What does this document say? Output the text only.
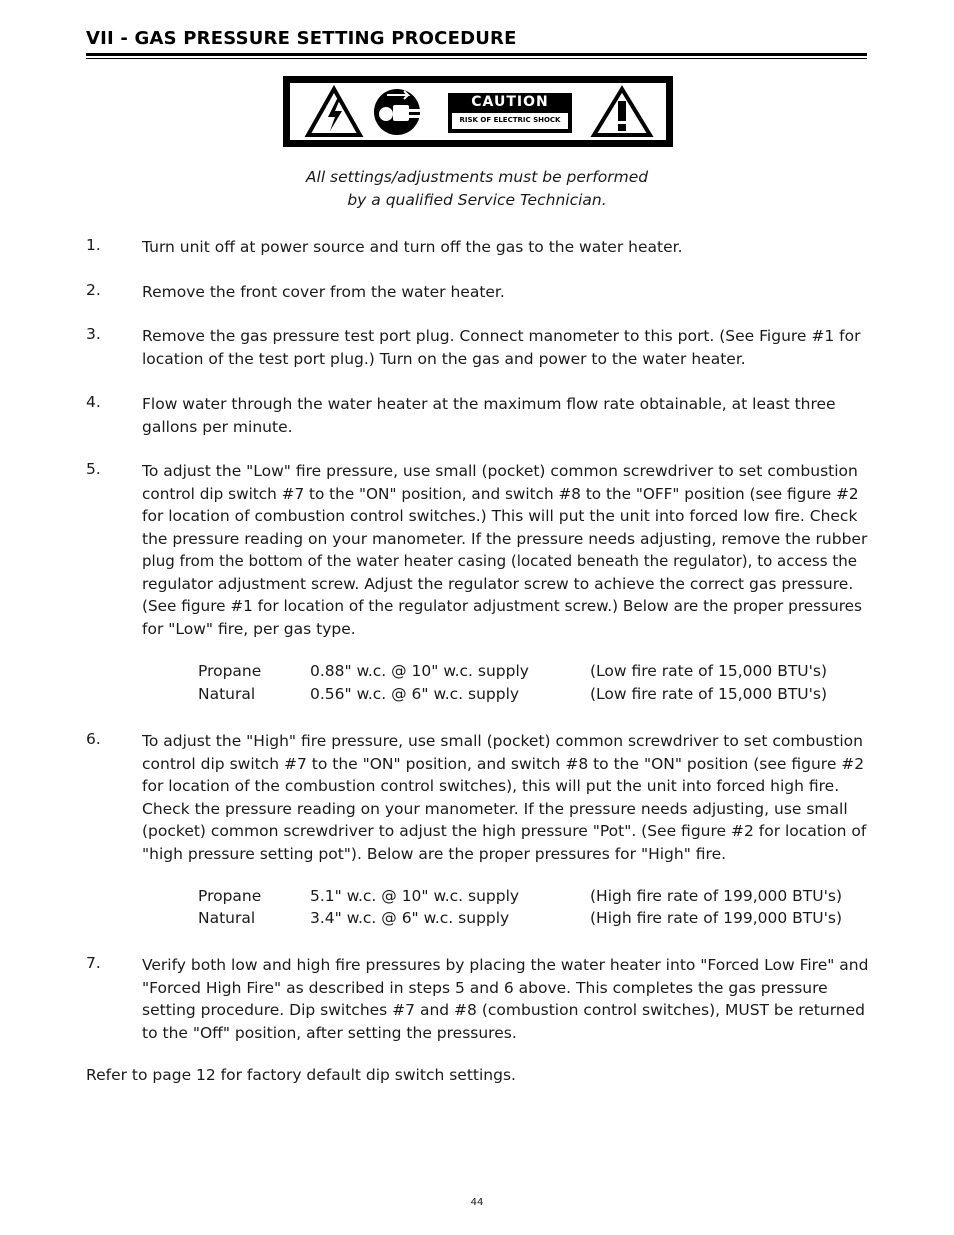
VII - GAS PRESSURE SETTING PROCEDURE
CAUTION
RISK OF ELECTRIC SHOCK
All settings/adjustments must be performed
by a qualified Service Technician.
1.	Turn unit off at power source and turn off the gas to the water heater.
2.	Remove the front cover from the water heater.
3.	Remove the gas pressure test port plug. Connect manometer to this port. (See Figure #1 for
location of the test port plug.) Turn on the gas and power to the water heater.
4.	Flow water through the water heater at the maximum flow rate obtainable, at least three
gallons per minute.
5.	To adjust the "Low" fire pressure, use small (pocket) common screwdriver to set combustion
control dip switch #7 to the "ON" position, and switch #8 to the "OFF" position (see figure #2
for location of combustion control switches.) This will put the unit into forced low fire. Check
the pressure reading on your manometer. If the pressure needs adjusting, remove the rubber
plug from the bottom of the water heater casing (located beneath the regulator), to access the
regulator adjustment screw. Adjust the regulator screw to achieve the correct gas pressure.
(See figure #1 for location of the regulator adjustment screw.) Below are the proper pressures
for "Low" fire, per gas type.
Propane	0.88" w.c. @ 10" w.c. supply	(Low fire rate of 15,000 BTU's)
Natural	0.56" w.c. @ 6" w.c. supply	(Low fire rate of 15,000 BTU's)
6.	To adjust the "High" fire pressure, use small (pocket) common screwdriver to set combustion
control dip switch #7 to the "ON" position, and switch #8 to the "ON" position (see figure #2
for location of the combustion control switches), this will put the unit into forced high fire.
Check the pressure reading on your manometer. If the pressure needs adjusting, use small
(pocket) common screwdriver to adjust the high pressure "Pot". (See figure #2 for location of
"high pressure setting pot"). Below are the proper pressures for "High" fire.
Propane	5.1" w.c. @ 10" w.c. supply	(High fire rate of 199,000 BTU's)
Natural	3.4" w.c. @ 6" w.c. supply	(High fire rate of 199,000 BTU's)
7.	Verify both low and high fire pressures by placing the water heater into "Forced Low Fire" and
"Forced High Fire" as described in steps 5 and 6 above. This completes the gas pressure
setting procedure. Dip switches #7 and #8 (combustion control switches), MUST be returned
to the "Off" position, after setting the pressures.
Refer to page 12 for factory default dip switch settings.
44
